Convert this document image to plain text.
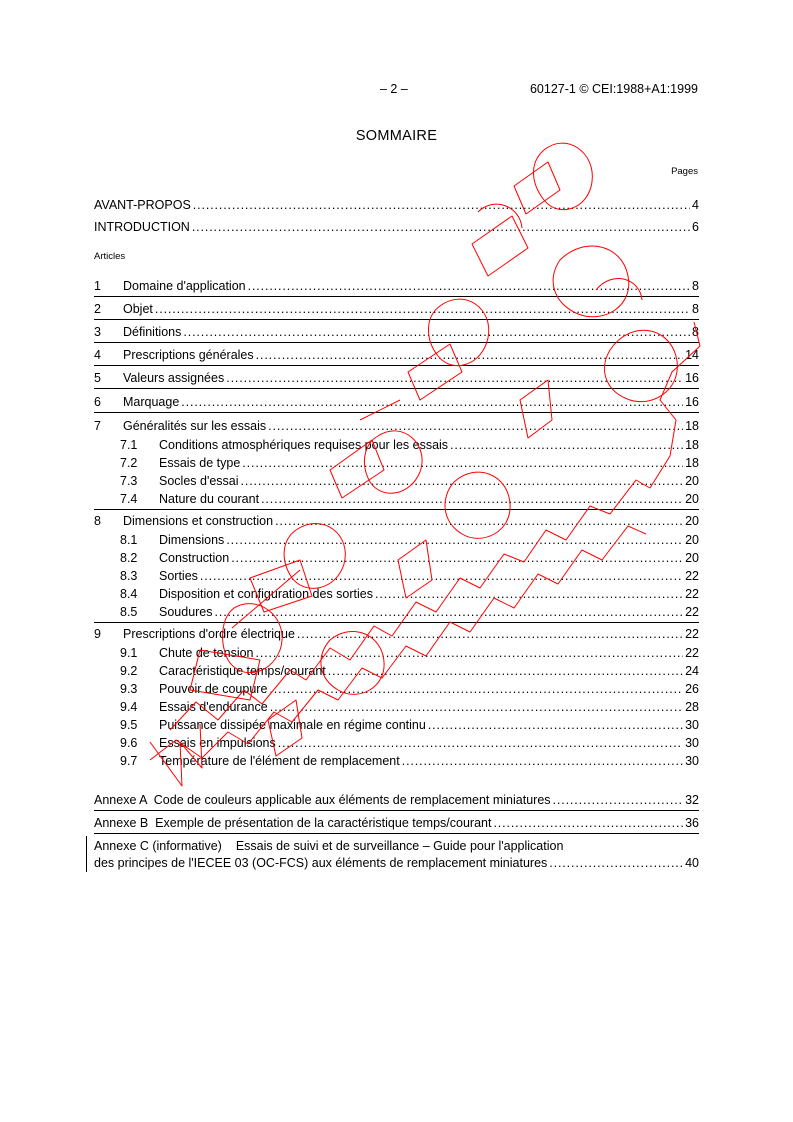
– 2 –	60127-1 © CEI:1988+A1:1999
SOMMAIRE
Pages
AVANT-PROPOS . . .	4
INTRODUCTION . . .	6
Articles
1	Domaine d'application . . .	8
2	Objet . . .	8
3	Définitions . . .	8
4	Prescriptions générales . . .	14
5	Valeurs assignées . . .	16
6	Marquage . . .	16
7	Généralités sur les essais . . .	18
7.1	Conditions atmosphériques requises pour les essais . . .	18
7.2	Essais de type . . .	18
7.3	Socles d'essai . . .	20
7.4	Nature du courant . . .	20
8	Dimensions et construction . . .	20
8.1	Dimensions . . .	20
8.2	Construction . . .	20
8.3	Sorties . . .	22
8.4	Disposition et configuration des sorties . . .	22
8.5	Soudures . . .	22
9	Prescriptions d'ordre électrique . . .	22
9.1	Chute de tension . . .	22
9.2	Caractéristique temps/courant . . .	24
9.3	Pouvoir de coupure . . .	26
9.4	Essais d'endurance . . .	28
9.5	Puissance dissipée maximale en régime continu . . .	30
9.6	Essais en impulsions . . .	30
9.7	Température de l'élément de remplacement . . .	30
Annexe A  Code de couleurs applicable aux éléments de remplacement miniatures . . .	32
Annexe B  Exemple de présentation de la caractéristique temps/courant . . .	36
Annexe C (informative) Essais de suivi et de surveillance – Guide pour l'application
des principes de l'IECEE 03 (OC-FCS) aux éléments de remplacement miniatures . . .	40
